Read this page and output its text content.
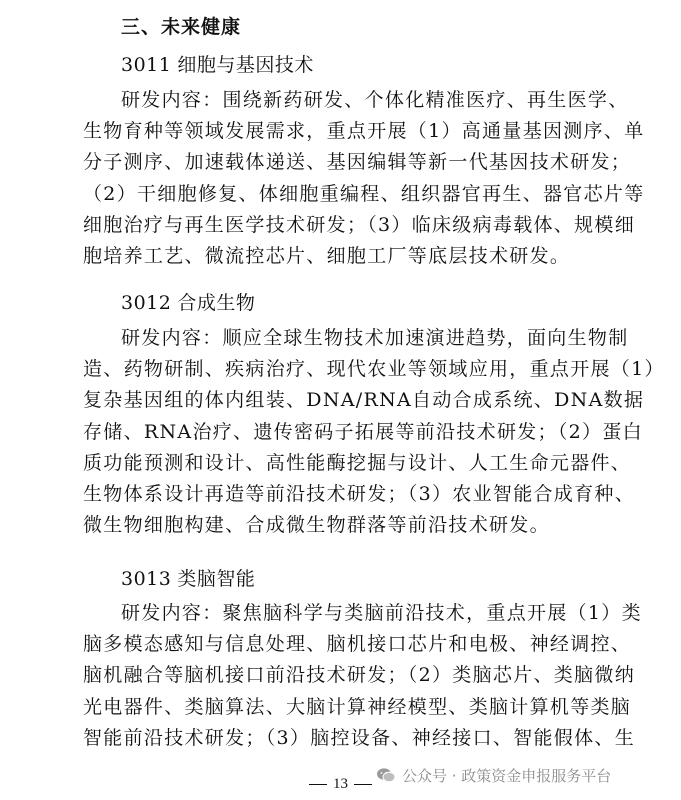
三、未来健康
3011 细胞与基因技术
研发内容：围绕新药研发、个体化精准医疗、再生医学、
生物育种等领域发展需求，重点开展（1）高通量基因测序、单
分子测序、加速载体递送、基因编辑等新一代基因技术研发；
（2）干细胞修复、体细胞重编程、组织器官再生、器官芯片等
细胞治疗与再生医学技术研发；（3）临床级病毒载体、规模细
胞培养工艺、微流控芯片、细胞工厂等底层技术研发。
3012 合成生物
研发内容：顺应全球生物技术加速演进趋势，面向生物制
造、药物研制、疾病治疗、现代农业等领域应用，重点开展（1）
复杂基因组的体内组装、DNA/RNA自动合成系统、DNA数据
存储、RNA治疗、遗传密码子拓展等前沿技术研发；（2）蛋白
质功能预测和设计、高性能酶挖掘与设计、人工生命元器件、
生物体系设计再造等前沿技术研发；（3）农业智能合成育种、
微生物细胞构建、合成微生物群落等前沿技术研发。
3013 类脑智能
研发内容：聚焦脑科学与类脑前沿技术，重点开展（1）类
脑多模态感知与信息处理、脑机接口芯片和电极、神经调控、
脑机融合等脑机接口前沿技术研发；（2）类脑芯片、类脑微纳
光电器件、类脑算法、大脑计算神经模型、类脑计算机等类脑
智能前沿技术研发；（3）脑控设备、神经接口、智能假体、生
公众号 · 政策资金申报服务平台
13
